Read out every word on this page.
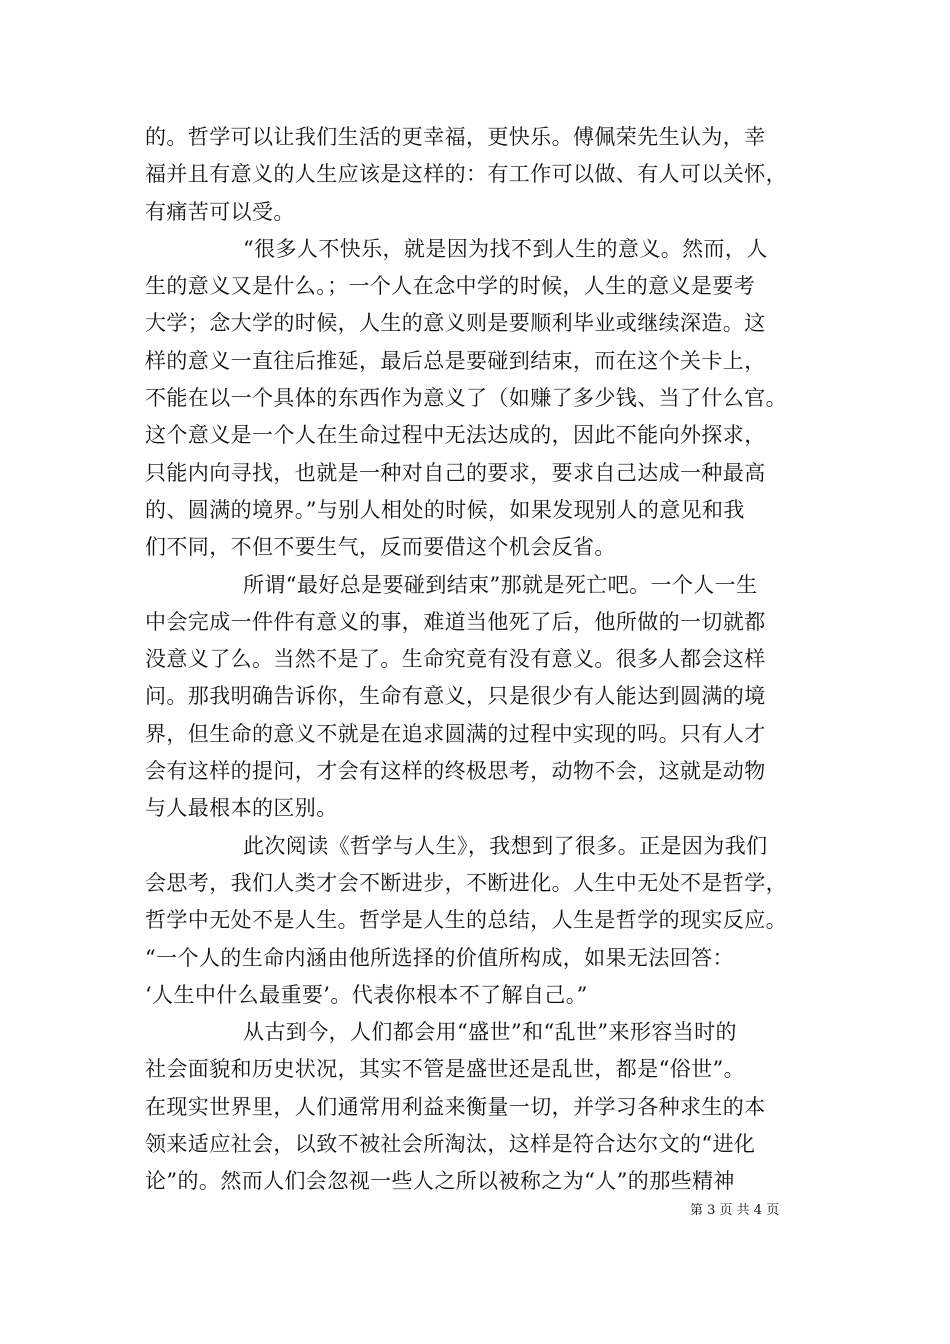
的。哲学可以让我们生活的更幸福，更快乐。傅佩荣先生认为，幸
福并且有意义的人生应该是这样的：有工作可以做、有人可以关怀，
有痛苦可以受。
“很多人不快乐，就是因为找不到人生的意义。然而，人
生的意义又是什么。；一个人在念中学的时候，人生的意义是要考
大学；念大学的时候，人生的意义则是要顺利毕业或继续深造。这
样的意义一直往后推延，最后总是要碰到结束，而在这个关卡上，
不能在以一个具体的东西作为意义了（如赚了多少钱、当了什么官。
这个意义是一个人在生命过程中无法达成的，因此不能向外探求，
只能内向寻找，也就是一种对自己的要求，要求自己达成一种最高
的、圆满的境界。”与别人相处的时候，如果发现别人的意见和我
们不同，不但不要生气，反而要借这个机会反省。
所谓“最好总是要碰到结束”那就是死亡吧。一个人一生
中会完成一件件有意义的事，难道当他死了后，他所做的一切就都
没意义了么。当然不是了。生命究竟有没有意义。很多人都会这样
问。那我明确告诉你，生命有意义，只是很少有人能达到圆满的境
界，但生命的意义不就是在追求圆满的过程中实现的吗。只有人才
会有这样的提问，才会有这样的终极思考，动物不会，这就是动物
与人最根本的区别。
此次阅读《哲学与人生》，我想到了很多。正是因为我们
会思考，我们人类才会不断进步，不断进化。人生中无处不是哲学，
哲学中无处不是人生。哲学是人生的总结，人生是哲学的现实反应。
“一个人的生命内涵由他所选择的价值所构成，如果无法回答：
‘人生中什么最重要’。代表你根本不了解自己。”
从古到今，人们都会用“盛世”和“乱世”来形容当时的
社会面貌和历史状况，其实不管是盛世还是乱世，都是“俗世”。
在现实世界里，人们通常用利益来衡量一切，并学习各种求生的本
领来适应社会，以致不被社会所淘汰，这样是符合达尔文的“进化
论”的。然而人们会忽视一些人之所以被称之为“人”的那些精神
第 3 页 共 4 页
